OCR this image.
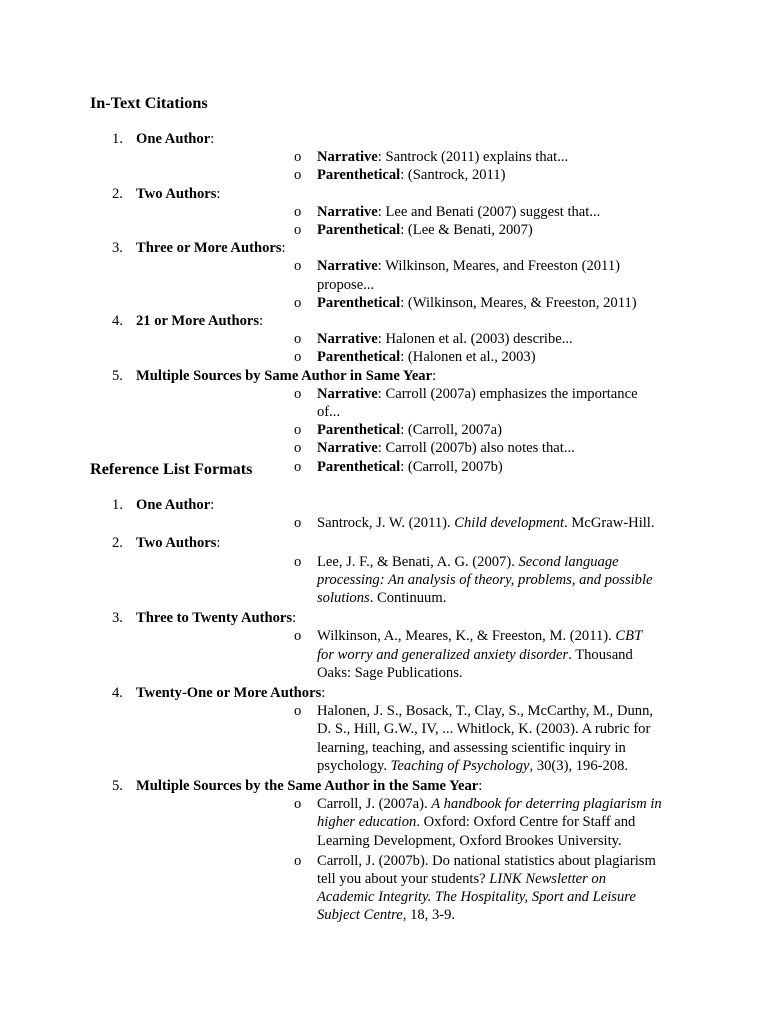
In-Text Citations
1. One Author:
o Narrative: Santrock (2011) explains that...
o Parenthetical: (Santrock, 2011)
2. Two Authors:
o Narrative: Lee and Benati (2007) suggest that...
o Parenthetical: (Lee & Benati, 2007)
3. Three or More Authors:
o Narrative: Wilkinson, Meares, and Freeston (2011) propose...
o Parenthetical: (Wilkinson, Meares, & Freeston, 2011)
4. 21 or More Authors:
o Narrative: Halonen et al. (2003) describe...
o Parenthetical: (Halonen et al., 2003)
5. Multiple Sources by Same Author in Same Year:
o Narrative: Carroll (2007a) emphasizes the importance of...
o Parenthetical: (Carroll, 2007a)
o Narrative: Carroll (2007b) also notes that...
o Parenthetical: (Carroll, 2007b)
Reference List Formats
1. One Author:
o Santrock, J. W. (2011). Child development. McGraw-Hill.
2. Two Authors:
o Lee, J. F., & Benati, A. G. (2007). Second language processing: An analysis of theory, problems, and possible solutions. Continuum.
3. Three to Twenty Authors:
o Wilkinson, A., Meares, K., & Freeston, M. (2011). CBT for worry and generalized anxiety disorder. Thousand Oaks: Sage Publications.
4. Twenty-One or More Authors:
o Halonen, J. S., Bosack, T., Clay, S., McCarthy, M., Dunn, D. S., Hill, G.W., IV, ... Whitlock, K. (2003). A rubric for learning, teaching, and assessing scientific inquiry in psychology. Teaching of Psychology, 30(3), 196-208.
5. Multiple Sources by the Same Author in the Same Year:
o Carroll, J. (2007a). A handbook for deterring plagiarism in higher education. Oxford: Oxford Centre for Staff and Learning Development, Oxford Brookes University.
o Carroll, J. (2007b). Do national statistics about plagiarism tell you about your students? LINK Newsletter on Academic Integrity. The Hospitality, Sport and Leisure Subject Centre, 18, 3-9.
